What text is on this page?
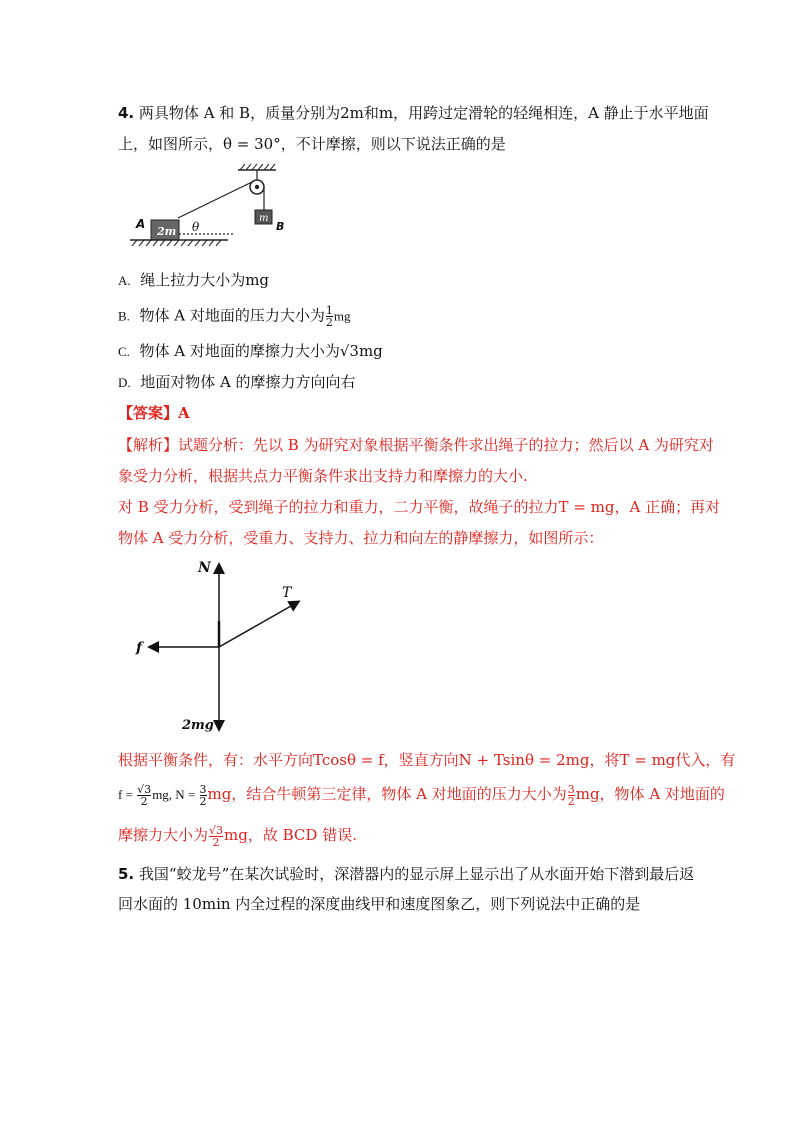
4. 两具物体 A 和 B，质量分别为2m和m，用跨过定滑轮的轻绳相连，A 静止于水平地面
上，如图所示，θ = 30°，不计摩擦，则以下说法正确的是
m
B
2m
A	θ
A. 绳上拉力大小为mg
B. 物体 A 对地面的压力大小为 $\frac{1}{2}$ mg
C. 物体 A 对地面的摩擦力大小为√3mg
D. 地面对物体 A 的摩擦力方向向右
【答案】A
【解析】试题分析：先以 B 为研究对象根据平衡条件求出绳子的拉力；然后以 A 为研究对
象受力分析，根据共点力平衡条件求出支持力和摩擦力的大小.
对 B 受力分析，受到绳子的拉力和重力，二力平衡，故绳子的拉力T = mg，A 正确；再对
物体 A 受力分析，受重力、支持力、拉力和向左的静摩擦力，如图所示：
N
T
f
2mg
根据平衡条件，有：水平方向Tcosθ = f，竖直方向N + Tsinθ = 2mg，将T = mg代入，有
$f = \frac{√3}{2}$ mg, $N = \frac{3}{2}$ mg，结合牛顿第三定律，物体 A 对地面的压力大小为 $\frac{3}{2}$ mg，物体 A 对地面的
摩擦力大小为 $\frac{√3}{2}$ mg，故 BCD 错误.
5. 我国“蛟龙号”在某次试验时，深潜器内的显示屏上显示出了从水面开始下潜到最后返
回水面的 10min 内全过程的深度曲线甲和速度图象乙，则下列说法中正确的是
